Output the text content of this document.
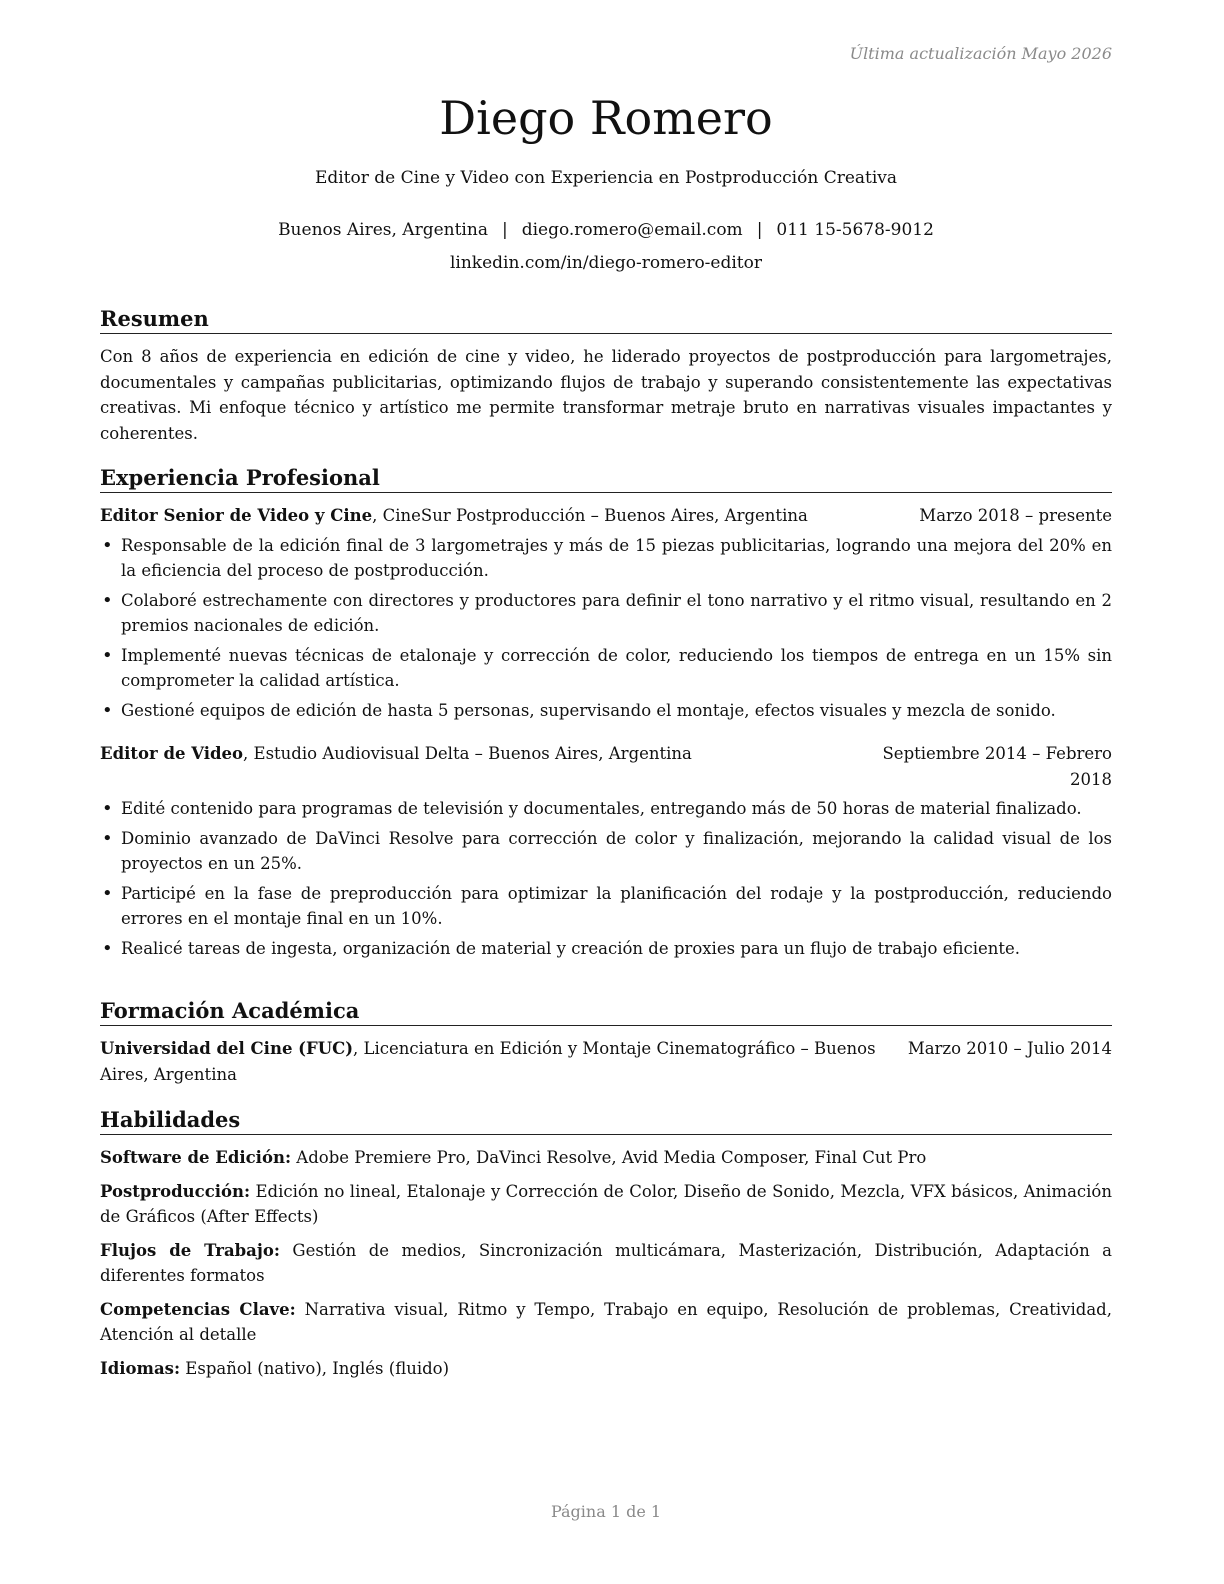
Última actualización Mayo 2026
Diego Romero
Editor de Cine y Video con Experiencia en Postproducción Creativa
Buenos Aires, Argentina | diego.romero@email.com | 011 15-5678-9012
linkedin.com/in/diego-romero-editor
Resumen

Con 8 años de experiencia en edición de cine y video, he liderado proyectos de postproducción para largometrajes, documentales y campañas publicitarias, optimizando flujos de trabajo y superando consistentemente las expectativas creativas. Mi enfoque técnico y artístico me permite transformar metraje bruto en narrativas visuales impactantes y coherentes.

Experiencia Profesional
Editor Senior de Video y Cine, CineSur Postproducción – Buenos Aires, Argentina	Marzo 2018 – presente
• Responsable de la edición final de 3 largometrajes y más de 15 piezas publicitarias, logrando una mejora del 20% en la eficiencia del proceso de postproducción.
• Colaboré estrechamente con directores y productores para definir el tono narrativo y el ritmo visual, resultando en 2 premios nacionales de edición.
• Implementé nuevas técnicas de etalonaje y corrección de color, reduciendo los tiempos de entrega en un 15% sin comprometer la calidad artística.
• Gestioné equipos de edición de hasta 5 personas, supervisando el montaje, efectos visuales y mezcla de sonido.
Editor de Video, Estudio Audiovisual Delta – Buenos Aires, Argentina	Septiembre 2014 – Febrero 2018
• Edité contenido para programas de televisión y documentales, entregando más de 50 horas de material finalizado.
• Dominio avanzado de DaVinci Resolve para corrección de color y finalización, mejorando la calidad visual de los proyectos en un 25%.
• Participé en la fase de preproducción para optimizar la planificación del rodaje y la postproducción, reduciendo errores en el montaje final en un 10%.
• Realicé tareas de ingesta, organización de material y creación de proxies para un flujo de trabajo eficiente.
Formación Académica
Universidad del Cine (FUC), Licenciatura en Edición y Montaje Cinematográfico – Buenos Aires, Argentina
Marzo 2010 – Julio 2014
Habilidades

Software de Edición: Adobe Premiere Pro, DaVinci Resolve, Avid Media Composer, Final Cut Pro

Postproducción: Edición no lineal, Etalonaje y Corrección de Color, Diseño de Sonido, Mezcla, VFX básicos, Animación de Gráficos (After Effects)

Flujos de Trabajo: Gestión de medios, Sincronización multicámara, Masterización, Distribución, Adaptación a diferentes formatos

Competencias Clave: Narrativa visual, Ritmo y Tempo, Trabajo en equipo, Resolución de problemas, Creatividad, Atención al detalle

Idiomas: Español (nativo), Inglés (fluido)

Página 1 de 1
